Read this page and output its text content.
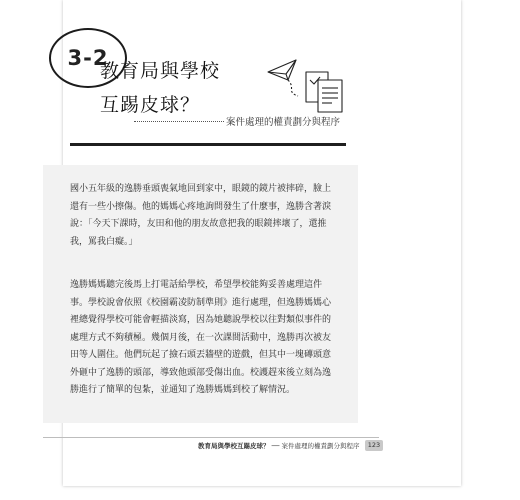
3-2
教育局與學校
互踢皮球？
案件處理的權責劃分與程序
國小五年級的逸勝垂頭喪氣地回到家中，眼鏡的鏡片被摔碎，臉上
還有一些小擦傷。他的媽媽心疼地詢問發生了什麼事，逸勝含著淚
說：「今天下課時，友田和他的朋友故意把我的眼鏡摔壞了，還推
我，罵我白癡。」
逸勝媽媽聽完後馬上打電話給學校，希望學校能夠妥善處理這件
事。學校說會依照《校園霸凌防制準則》進行處理，但逸勝媽媽心
裡總覺得學校可能會輕描淡寫，因為她聽說學校以往對類似事件的
處理方式不夠積極。幾個月後，在一次課間活動中，逸勝再次被友
田等人圍住。他們玩起了撿石頭丟牆壁的遊戲，但其中一塊磚頭意
外砸中了逸勝的頭部，導致他頭部受傷出血。校護趕來後立刻為逸
勝進行了簡單的包紮，並通知了逸勝媽媽到校了解情況。
教育局與學校互踢皮球？ ── 案件處理的權責劃分與程序	123
